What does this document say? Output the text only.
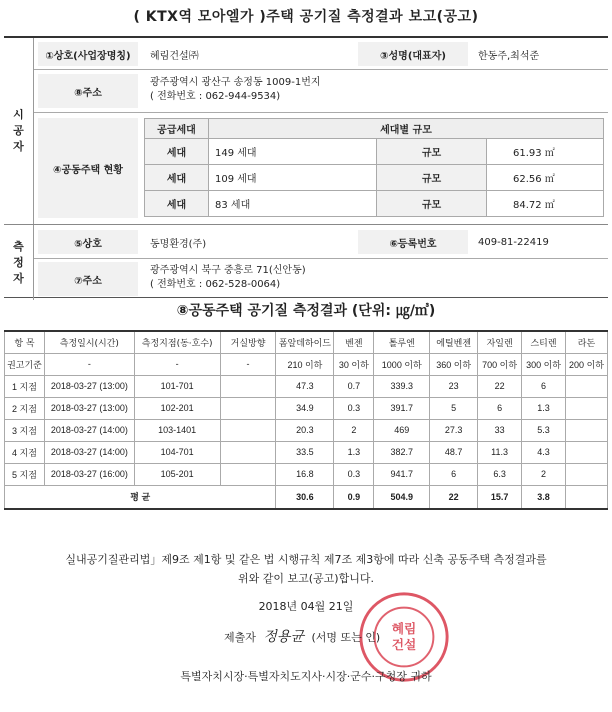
( KTX역 모아엘가 )주택 공기질 측정결과 보고(공고)
시공자
①상호(사업장명칭)	혜림건설㈜	③성명(대표자)	한동주,최석준
⑧주소
광주광역시 광산구 송정동 1009-1번지
( 전화번호 : 062-944-9534)
④공동주택 현황
공급세대	세대별 규모		
세대	149 세대	규모	61.93 ㎡
세대	109 세대	규모	62.56 ㎡
세대	83 세대	규모	84.72 ㎡
측정자
⑤상호	동명환경(주)	⑥등록번호	409-81-22419
⑦주소
광주광역시 북구 중흥로 71(신안동)
( 전화번호 : 062-528-0064)
⑧공동주택 공기질 측정결과 (단위: ㎍/㎥)
항 목	측정일시(시간)	측정지점(동·호수)	거실방향	폼알데하이드	벤젠	톨루엔	에틸벤젠	자일렌	스티렌	라돈
권고기준	-	-	-	210 이하	30 이하	1000 이하	360 이하	700 이하	300 이하	200 이하
1 지점	2018-03-27 (13:00)	101-701		47.3	0.7	339.3	23	22	6	
2 지점	2018-03-27 (13:00)	102-201		34.9	0.3	391.7	5	6	1.3	
3 지점	2018-03-27 (14:00)	103-1401		20.3	2	469	27.3	33	5.3	
4 지점	2018-03-27 (14:00)	104-701		33.5	1.3	382.7	48.7	11.3	4.3	
5 지점	2018-03-27 (16:00)	105-201		16.8	0.3	941.7	6	6.3	2	
평 균				30.6	0.9	504.9	22	15.7	3.8	
실내공기질관리법」제9조 제1항 및 같은 법 시행규칙 제7조 제3항에 따라 신축 공동주택 측정결과를
위와 같이 보고(공고)합니다.
2018년 04월 21일
혜림
건설
제출자 정용균 (서명 또는 인)
특별자치시장·특별자치도지사·시장·군수·구청장 귀하
